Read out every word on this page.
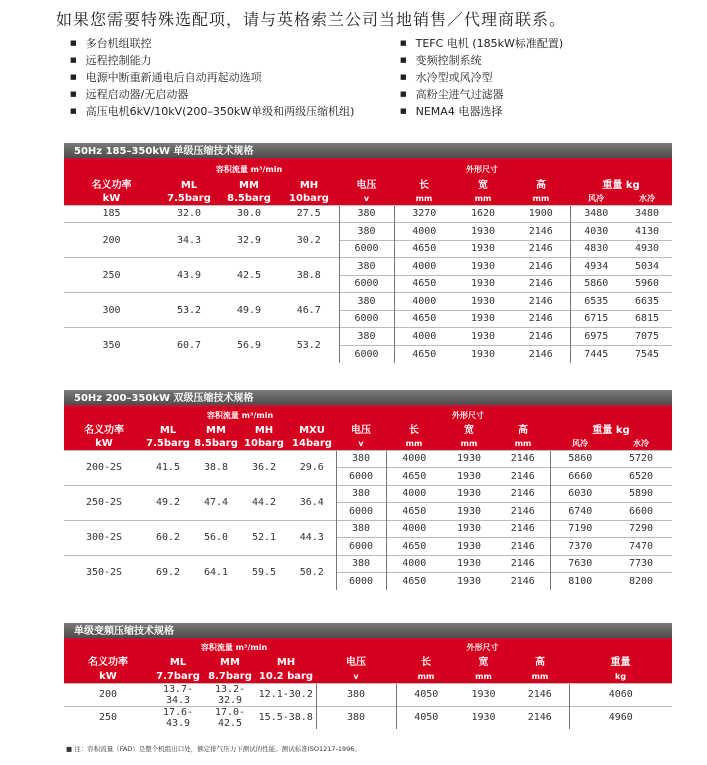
如果您需要特殊选配项，请与英格索兰公司当地销售／代理商联系。
■ 多台机组联控
■ 远程控制能力
■ 电源中断重新通电后自动再起动选项
■ 远程启动器/无启动器
■ 高压电机6kV/10kV(200–350kW单级和两级压缩机组)
■ TEFC 电机 (185kW标准配置)
■ 变频控制系统
■ 水冷型或风冷型
■ 高粉尘进气过滤器
■ NEMA4 电器选择
50Hz 185–350kW 单级压缩技术规格
	容积流量 m³/min				外形尺寸				
名义功率	ML	MM	MH	电压	长	宽	高	重量 kg	
kW	7.5barg	8.5barg	10barg	v	mm	mm	mm	风冷	水冷
185	32.0	30.0	27.5	380	3270	1620	1900	3480	3480
200	34.3	32.9	30.2	380	4000	1930	2146	4030	4130
				6000	4650	1930	2146	4830	4930
250	43.9	42.5	38.8	380	4000	1930	2146	4934	5034
				6000	4650	1930	2146	5860	5960
300	53.2	49.9	46.7	380	4000	1930	2146	6535	6635
				6000	4650	1930	2146	6715	6815
350	60.7	56.9	53.2	380	4000	1930	2146	6975	7075
				6000	4650	1930	2146	7445	7545
50Hz 200–350kW 双级压缩技术规格
	容积流量 m³/min					外形尺寸				
名义功率	ML	MM	MH	MXU	电压	长	宽	高	重量 kg	
kW	7.5barg	8.5barg	10barg	14barg	v	mm	mm	mm	风冷	水冷
200-2S	41.5	38.8	36.2	29.6	380	4000	1930	2146	5860	5720
					6000	4650	1930	2146	6660	6520
250-2S	49.2	47.4	44.2	36.4	380	4000	1930	2146	6030	5890
					6000	4650	1930	2146	6740	6600
300-2S	60.2	56.0	52.1	44.3	380	4000	1930	2146	7190	7290
					6000	4650	1930	2146	7370	7470
350-2S	69.2	64.1	59.5	50.2	380	4000	1930	2146	7630	7730
					6000	4650	1930	2146	8100	8200
单级变频压缩技术规格
	容积流量 m³/min				外形尺寸			
名义功率	ML	MM	MH	电压	长	宽	高	重量
kW	7.7barg	8.7barg	10.2 barg	v	mm	mm	mm	kg
200	13.7-34.3	13.2-32.9	12.1-30.2	380	4050	1930	2146	4060
250	17.6-43.9	17.0-42.5	15.5-38.8	380	4050	1930	2146	4960
■ 注：容积流量（FAD）是整个机组出口处，额定排气压力下测试的性能。测试标准ISO1217-1996。
